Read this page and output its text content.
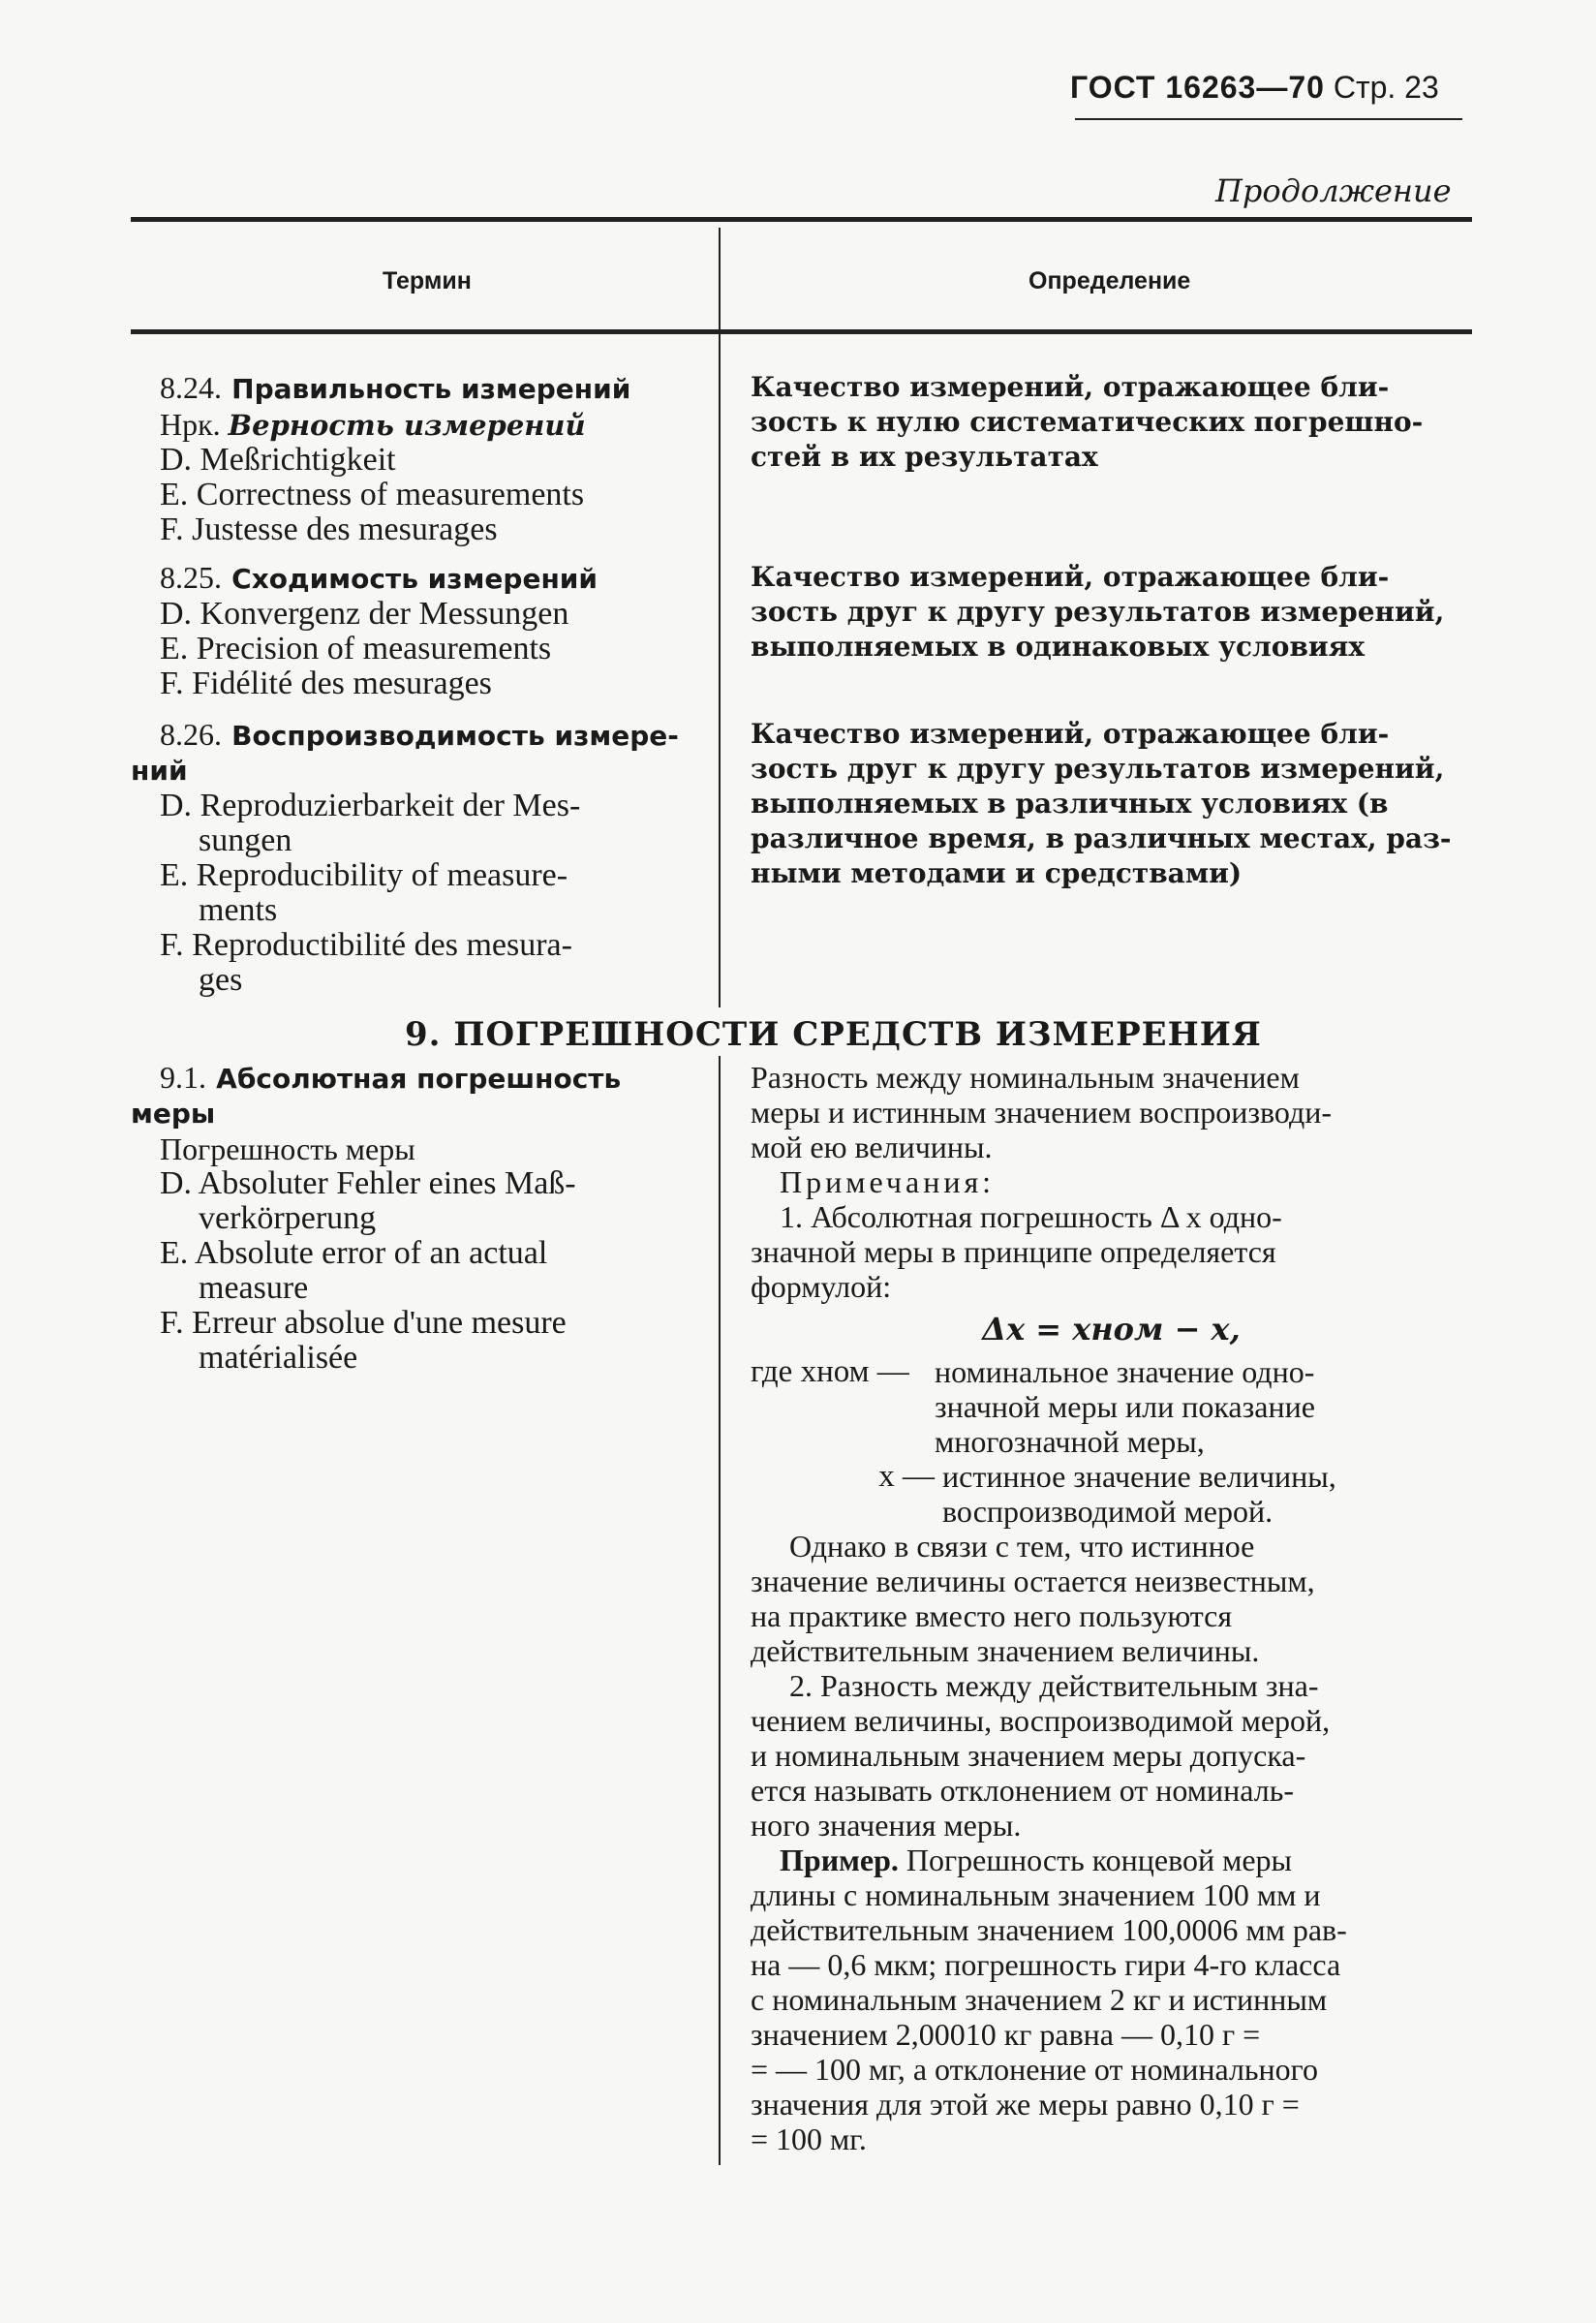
ГОСТ 16263—70 Стр. 23
Продолжение
Термин	Определение
8.24. Правильность измерений
Нрк. Верность измерений
D. Meßrichtigkeit
E. Correctness of measurements
F. Justesse des mesurages
Качество измерений, отражающее бли-
зость к нулю систематических погрешно-
стей в их результатах
8.25. Сходимость измерений
D. Konvergenz der Messungen
E. Precision of measurements
F. Fidélité des mesurages
Качество измерений, отражающее бли-
зость друг к другу результатов измерений,
выполняемых в одинаковых условиях
8.26. Воспроизводимость измере-
ний
D. Reproduzierbarkeit der Mes-
sungen
E. Reproducibility of measure-
ments
F. Reproductibilité des mesura-
ges
Качество измерений, отражающее бли-
зость друг к другу результатов измерений,
выполняемых в различных условиях (в
различное время, в различных местах, раз-
ными методами и средствами)
9. ПОГРЕШНОСТИ СРЕДСТВ ИЗМЕРЕНИЯ
9.1. Абсолютная погрешность
меры
Погрешность меры
D. Absoluter Fehler eines Maß-
verkörperung
E. Absolute error of an actual
measure
F. Erreur absolue d'une mesure
matérialisée
Разность между номинальным значением
меры и истинным значением воспроизводи-
мой ею величины.
Примечания:
1. Абсолютная погрешность Δ x одно-
значной меры в принципе определяется
формулой:
Δx = xном − x,
где xном — номинальное значение одно-
значной меры или показание
многозначной меры,
x — истинное значение величины,
воспроизводимой мерой.
Однако в связи с тем, что истинное
значение величины остается неизвестным,
на практике вместо него пользуются
действительным значением величины.
2. Разность между действительным зна-
чением величины, воспроизводимой мерой,
и номинальным значением меры допуска-
ется называть отклонением от номиналь-
ного значения меры.
Пример. Погрешность концевой меры
длины с номинальным значением 100 мм и
действительным значением 100,0006 мм рав-
на — 0,6 мкм; погрешность гири 4-го класса
с номинальным значением 2 кг и истинным
значением 2,00010 кг равна — 0,10 г =
= — 100 мг, а отклонение от номинального
значения для этой же меры равно 0,10 г =
= 100 мг.
